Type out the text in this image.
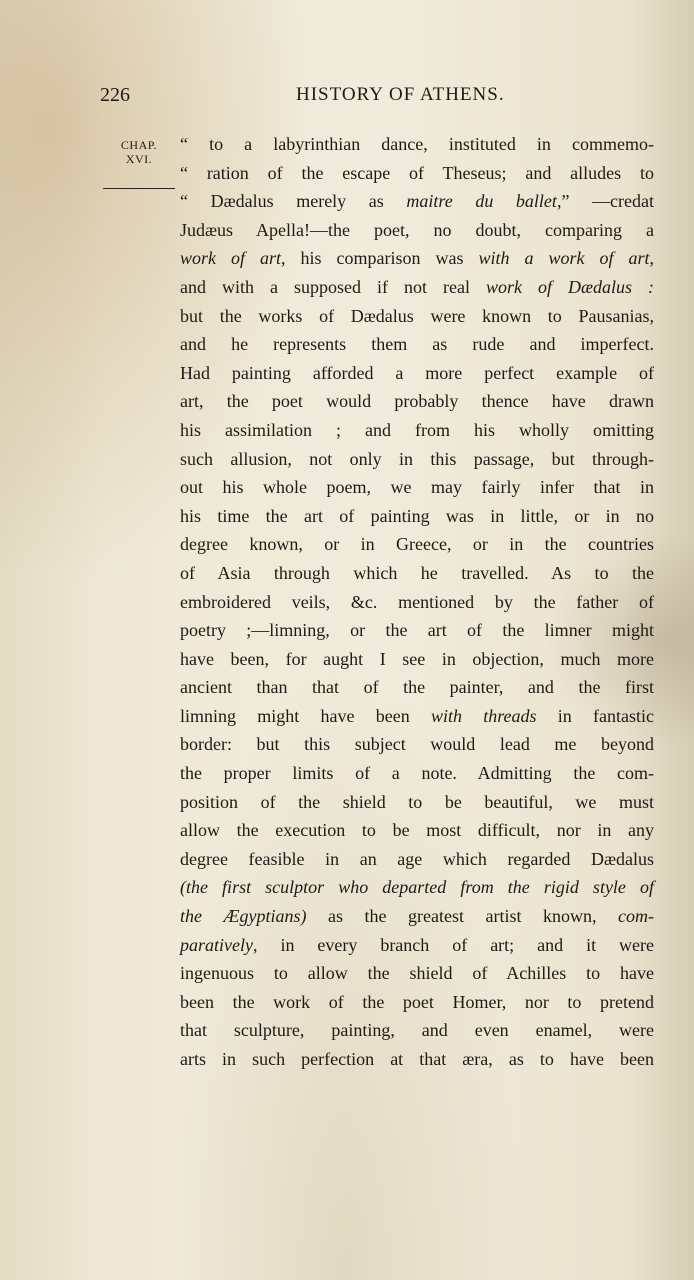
226	HISTORY OF ATHENS.
CHAP.
XVI.
“ to a labyrinthian dance, instituted in commemo-
“ ration of the escape of Theseus; and alludes to
“ Dædalus merely as maitre du ballet,” —credat
Judæus Apella!—the poet, no doubt, comparing a
work of art, his comparison was with a work of art,
and with a supposed if not real work of Dædalus :
but the works of Dædalus were known to Pausanias,
and he represents them as rude and imperfect.
Had painting afforded a more perfect example of
art, the poet would probably thence have drawn
his assimilation ; and from his wholly omitting
such allusion, not only in this passage, but through-
out his whole poem, we may fairly infer that in
his time the art of painting was in little, or in no
degree known, or in Greece, or in the countries
of Asia through which he travelled. As to the
embroidered veils, &c. mentioned by the father of
poetry ;—limning, or the art of the limner might
have been, for aught I see in objection, much more
ancient than that of the painter, and the first
limning might have been with threads in fantastic
border: but this subject would lead me beyond
the proper limits of a note. Admitting the com-
position of the shield to be beautiful, we must
allow the execution to be most difficult, nor in any
degree feasible in an age which regarded Dædalus
(the first sculptor who departed from the rigid style of
the Ægyptians) as the greatest artist known, com-
paratively, in every branch of art; and it were
ingenuous to allow the shield of Achilles to have
been the work of the poet Homer, nor to pretend
that sculpture, painting, and even enamel, were
arts in such perfection at that æra, as to have been
